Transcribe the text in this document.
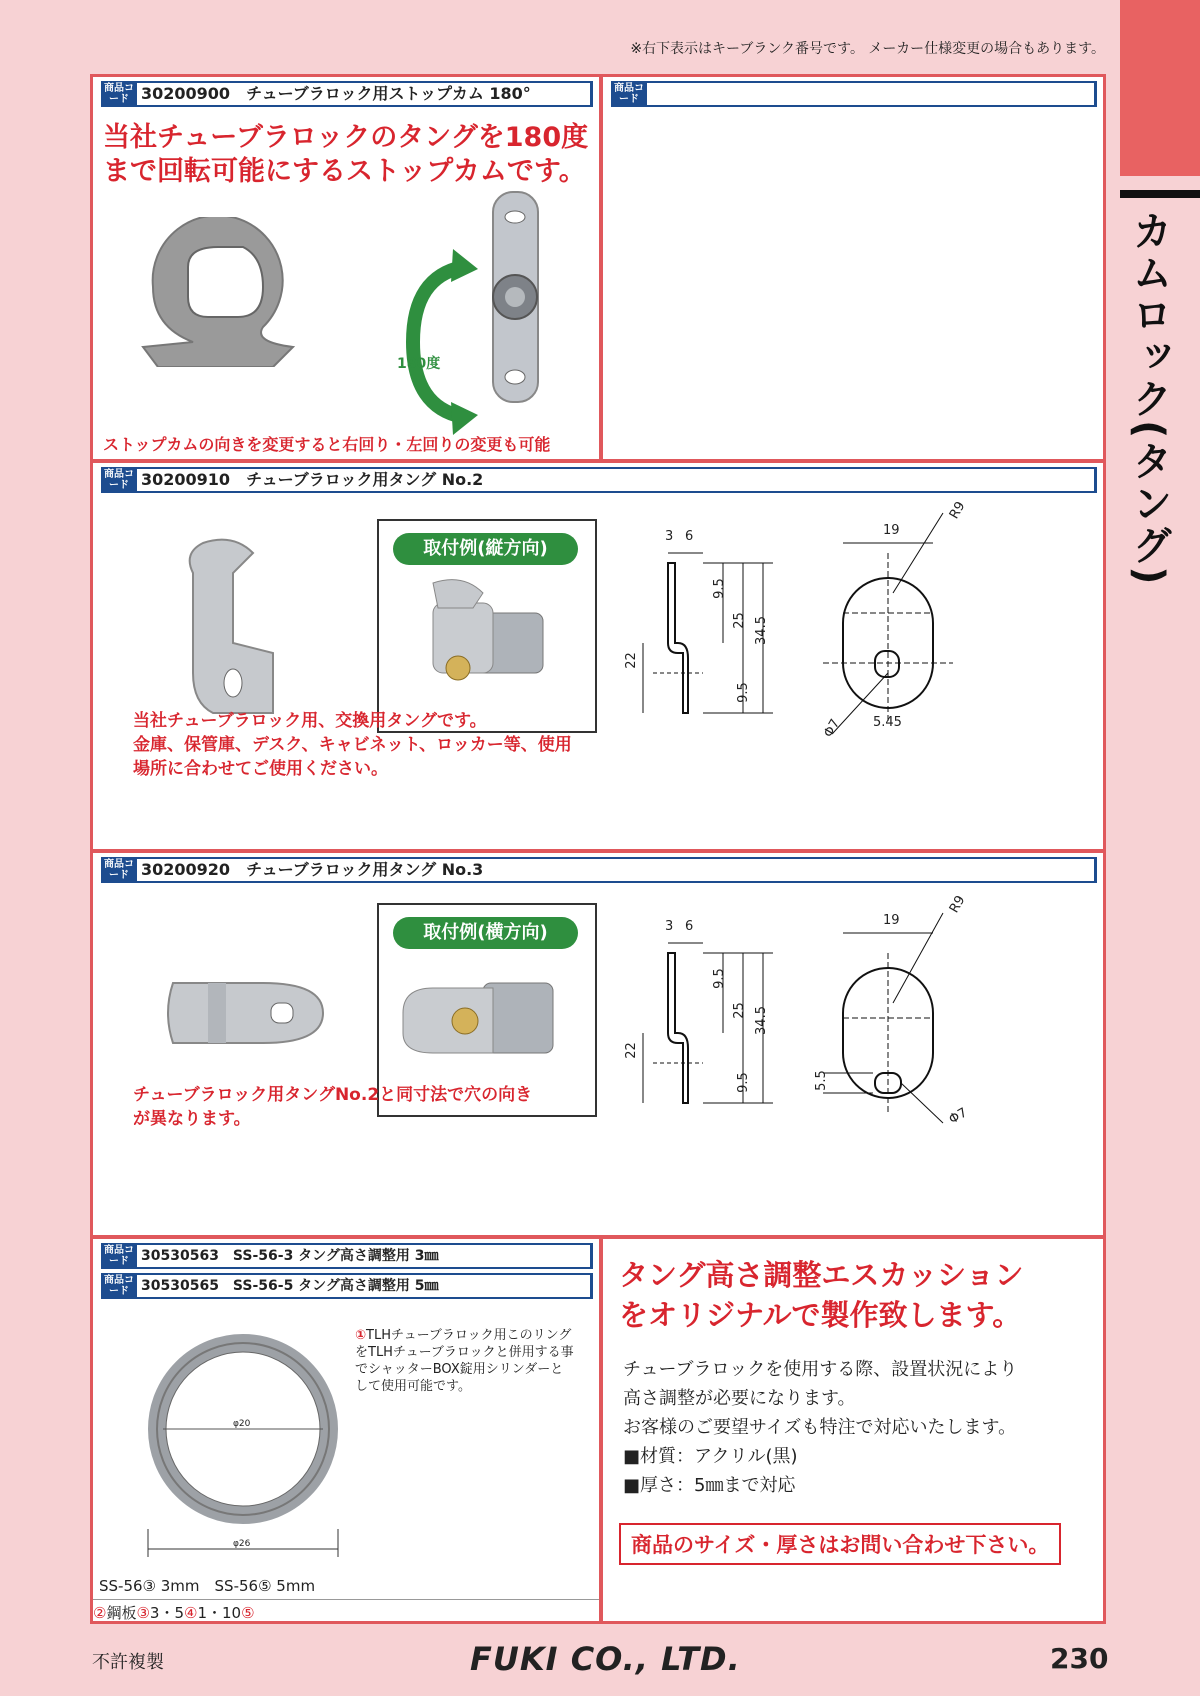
※右下表示はキーブランク番号です。 メーカー仕様変更の場合もあります。
カムロック(タング)
商品コード 30200900　チューブラロック用ストップカム 180°
当社チューブラロックのタングを180度
まで回転可能にするストップカムです。
180度
ストップカムの向きを変更すると右回り・左回りの変更も可能
商品コード
商品コード 30200910　チューブラロック用タング No.2
取付例(縦方向)
当社チューブラロック用、交換用タングです。
金庫、保管庫、デスク、キャビネット、ロッカー等、使用
場所に合わせてご使用ください。
3 6
9.5
25 34.5
22
9.5
R9
19
Φ7 5.45
商品コード 30200920　チューブラロック用タング No.3
取付例(横方向)
チューブラロック用タングNo.2と同寸法で穴の向き
が異なります。
3 6
9.5
25 34.5
22
9.5
R9
19
5.5
Φ7
商品コード 30530563　SS-56-3 タング高さ調整用 3㎜
商品コード 30530565　SS-56-5 タング高さ調整用 5㎜
φ20
φ26
①TLHチューブラロック用このリングをTLHチューブラロックと併用する事でシャッターBOX錠用シリンダーとして使用可能です。
SS-56③ 3mm　SS-56⑤ 5mm
②鋼板③3・5④1・10⑤
タング高さ調整エスカッション
をオリジナルで製作致します。
チューブラロックを使用する際、設置状況により
高さ調整が必要になります。
お客様のご要望サイズも特注で対応いたします。
■材質：アクリル(黒)
■厚さ：5㎜まで対応
商品のサイズ・厚さはお問い合わせ下さい。
不許複製	FUKI CO., LTD.	230
